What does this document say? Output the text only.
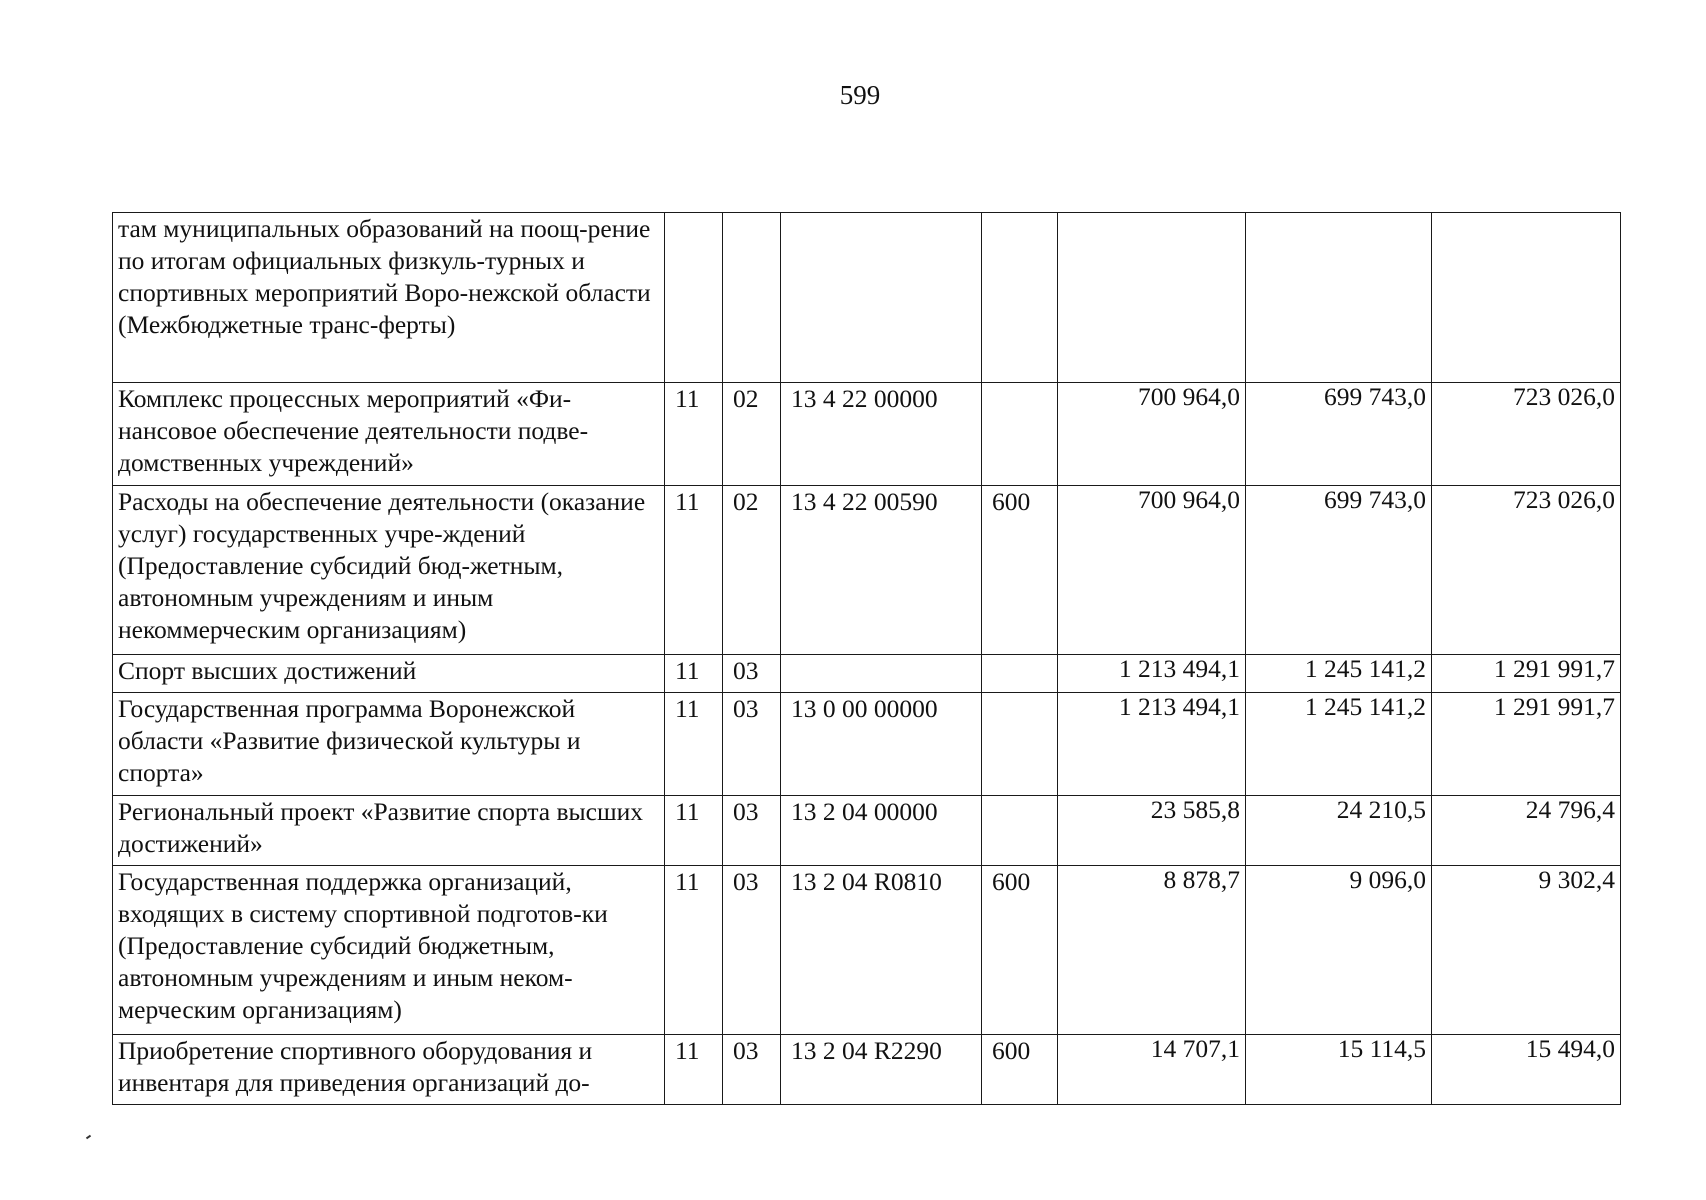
599
там муниципальных образований на поощ-рение по итогам официальных физкуль-турных и спортивных мероприятий Воро-нежской области (Межбюджетные транс-ферты)							
Комплекс процессных мероприятий «Фи-нансовое обеспечение деятельности подве-домственных учреждений»	11	02	13 4 22 00000		700 964,0	699 743,0	723 026,0
Расходы на обеспечение деятельности (оказание услуг) государственных учре-ждений (Предоставление субсидий бюд-жетным, автономным учреждениям и иным некоммерческим организациям)	11	02	13 4 22 00590	600	700 964,0	699 743,0	723 026,0
Спорт высших достижений	11	03			1 213 494,1	1 245 141,2	1 291 991,7
Государственная программа Воронежской области «Развитие физической культуры и спорта»	11	03	13 0 00 00000		1 213 494,1	1 245 141,2	1 291 991,7
Региональный проект «Развитие спорта высших достижений»	11	03	13 2 04 00000		23 585,8	24 210,5	24 796,4
Государственная поддержка организаций, входящих в систему спортивной подготов-ки (Предоставление субсидий бюджетным, автономным учреждениям и иным неком-мерческим организациям)	11	03	13 2 04 R0810	600	8 878,7	9 096,0	9 302,4
Приобретение спортивного оборудования и инвентаря для приведения организаций до-	11	03	13 2 04 R2290	600	14 707,1	15 114,5	15 494,0
